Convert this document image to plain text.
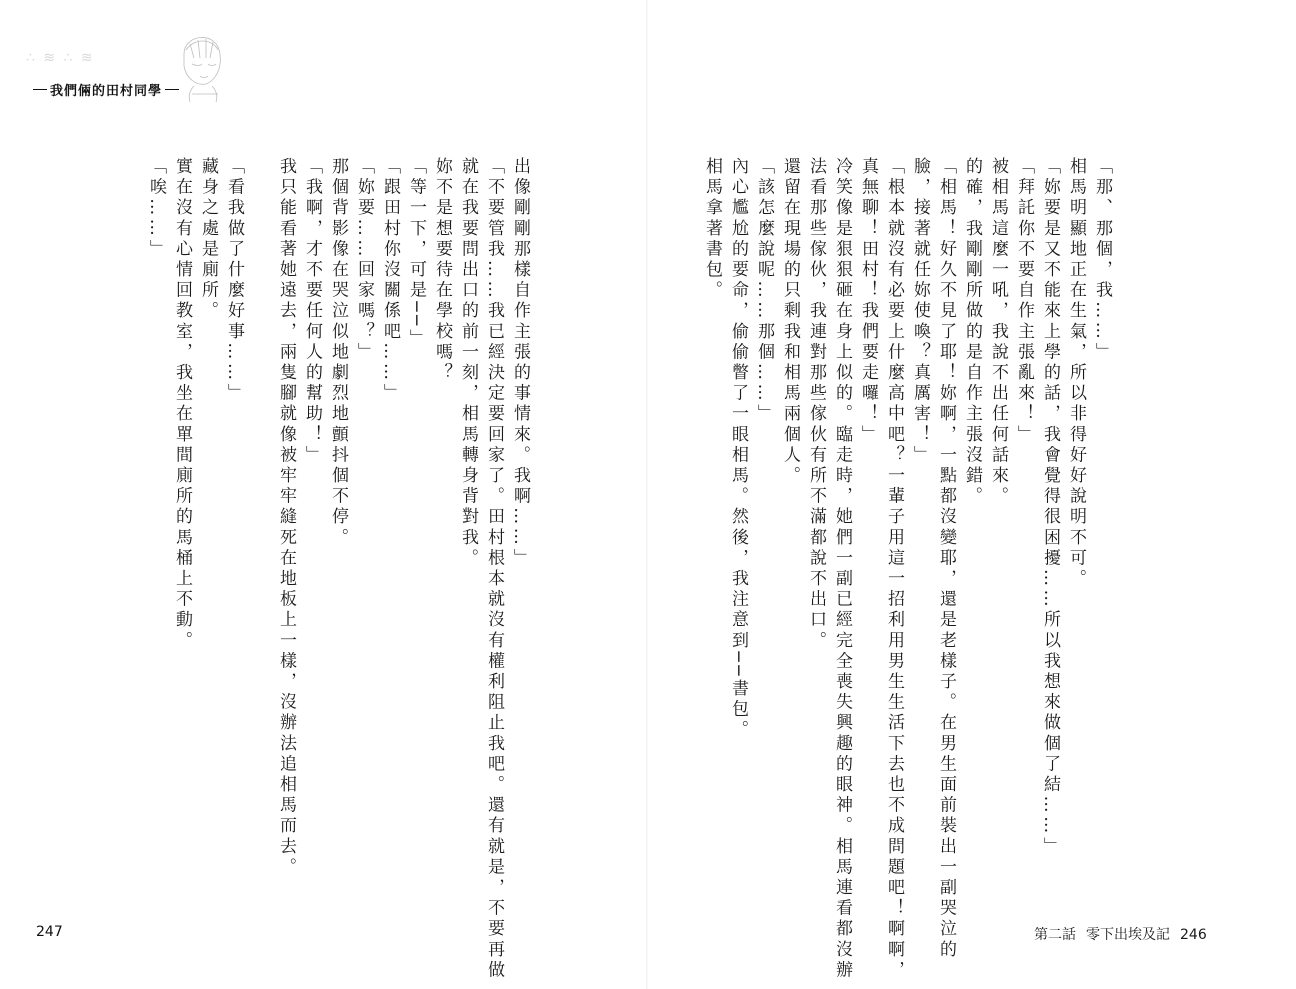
∴ ≋ ∴ ≋
我們倆的田村同學
「那、那個，我……」
相馬明顯地正在生氣，所以非得好好說明不可。
「妳要是又不能來上學的話，我會覺得很困擾……所以我想來做個了結……」
「拜託你不要自作主張亂來！」
被相馬這麼一吼，我說不出任何話來。
的確，我剛剛所做的是自作主張沒錯。
「相馬！好久不見了耶！妳啊，一點都沒變耶，還是老樣子。在男生面前裝出一副哭泣的
臉，接著就任妳使喚？真厲害！」
「根本就沒有必要上什麼高中吧？一輩子用這一招利用男生生活下去也不成問題吧！啊啊，
真無聊！田村！我們要走囉！」
冷笑像是狠狠砸在身上似的。臨走時，她們一副已經完全喪失興趣的眼神。相馬連看都沒辦
法看那些傢伙，我連對那些傢伙有所不滿都說不出口。
還留在現場的只剩我和相馬兩個人。
「該怎麼說呢……那個……」
內心尷尬的要命，偷偷瞥了一眼相馬。然後，我注意到──書包。
相馬拿著書包。
出像剛剛那樣自作主張的事情來。我啊……」
「不要管我……我已經決定要回家了。田村根本就沒有權利阻止我吧。還有就是，不要再做
就在我要問出口的前一刻，相馬轉身背對我。
妳不是想要待在學校嗎？
「等一下，可是──」
「跟田村你沒關係吧……」
「妳要……回家嗎？」
那個背影像在哭泣似地劇烈地顫抖個不停。
「我啊，才不要任何人的幫助！」
我只能看著她遠去，兩隻腳就像被牢牢縫死在地板上一樣，沒辦法追相馬而去。

「看我做了什麼好事……」
藏身之處是廁所。
實在沒有心情回教室，我坐在單間廁所的馬桶上不動。
「唉……」
247	第二話 零下出埃及記 246
